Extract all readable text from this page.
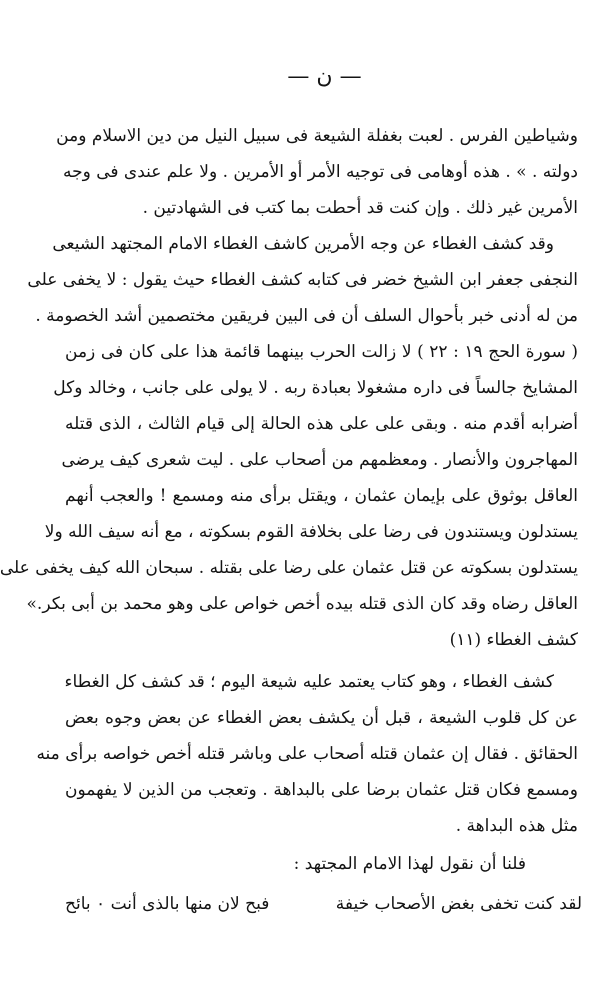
— ن —
وشياطين الفرس . لعبت بغفلة الشيعة فى سبيل النيل من دين الاسلام ومن
دولته . » . هذه أوهامى فى توجيه الأمر أو الأمرين . ولا علم عندى فى وجه
الأمرين غير ذلك . وإن كنت قد أحطت بما كتب فى الشهادتين .
وقد كشف الغطاء عن وجه الأمرين كاشف الغطاء الامام المجتهد الشيعى
النجفى جعفر ابن الشيخ خضر فى كتابه كشف الغطاء حيث يقول : لا يخفى على
من له أدنى خبر بأحوال السلف أن فى البين فريقين مختصمين أشد الخصومة .
( سورة الحج ١٩ : ٢٢ ) لا زالت الحرب بينهما قائمة هذا على كان فى زمن
المشايخ جالساً فى داره مشغولا بعبادة ربه . لا يولى على جانب ، وخالد وكل
أضرابه أقدم منه . وبقى على على هذه الحالة إلى قيام الثالث ، الذى قتله
المهاجرون والأنصار . ومعظمهم من أصحاب على . ليت شعرى كيف يرضى
العاقل بوثوق على بإيمان عثمان ، ويقتل برأى منه ومسمع ! والعجب أنهم
يستدلون ويستندون فى رضا على بخلافة القوم بسكوته ، مع أنه سيف الله ولا
يستدلون بسكوته عن قتل عثمان على رضا على بقتله . سبحان الله كيف يخفى على
العاقل رضاه وقد كان الذى قتله بيده أخص خواص على وهو محمد بن أبى بكر.»
كشف الغطاء (١١)
كشف الغطاء ، وهو كتاب يعتمد عليه شيعة اليوم ؛ قد كشف كل الغطاء
عن كل قلوب الشيعة ، قبل أن يكشف بعض الغطاء عن بعض وجوه بعض
الحقائق . فقال إن عثمان قتله أصحاب على وباشر قتله أخص خواصه برأى منه
ومسمع فكان قتل عثمان برضا على بالبداهة . وتعجب من الذين لا يفهمون
مثل هذه البداهة .
فلنا أن نقول لهذا الامام المجتهد :
لقد كنت تخفى بغض الأصحاب خيفة
فبح لان منها بالذى أنت ٠ بائح
